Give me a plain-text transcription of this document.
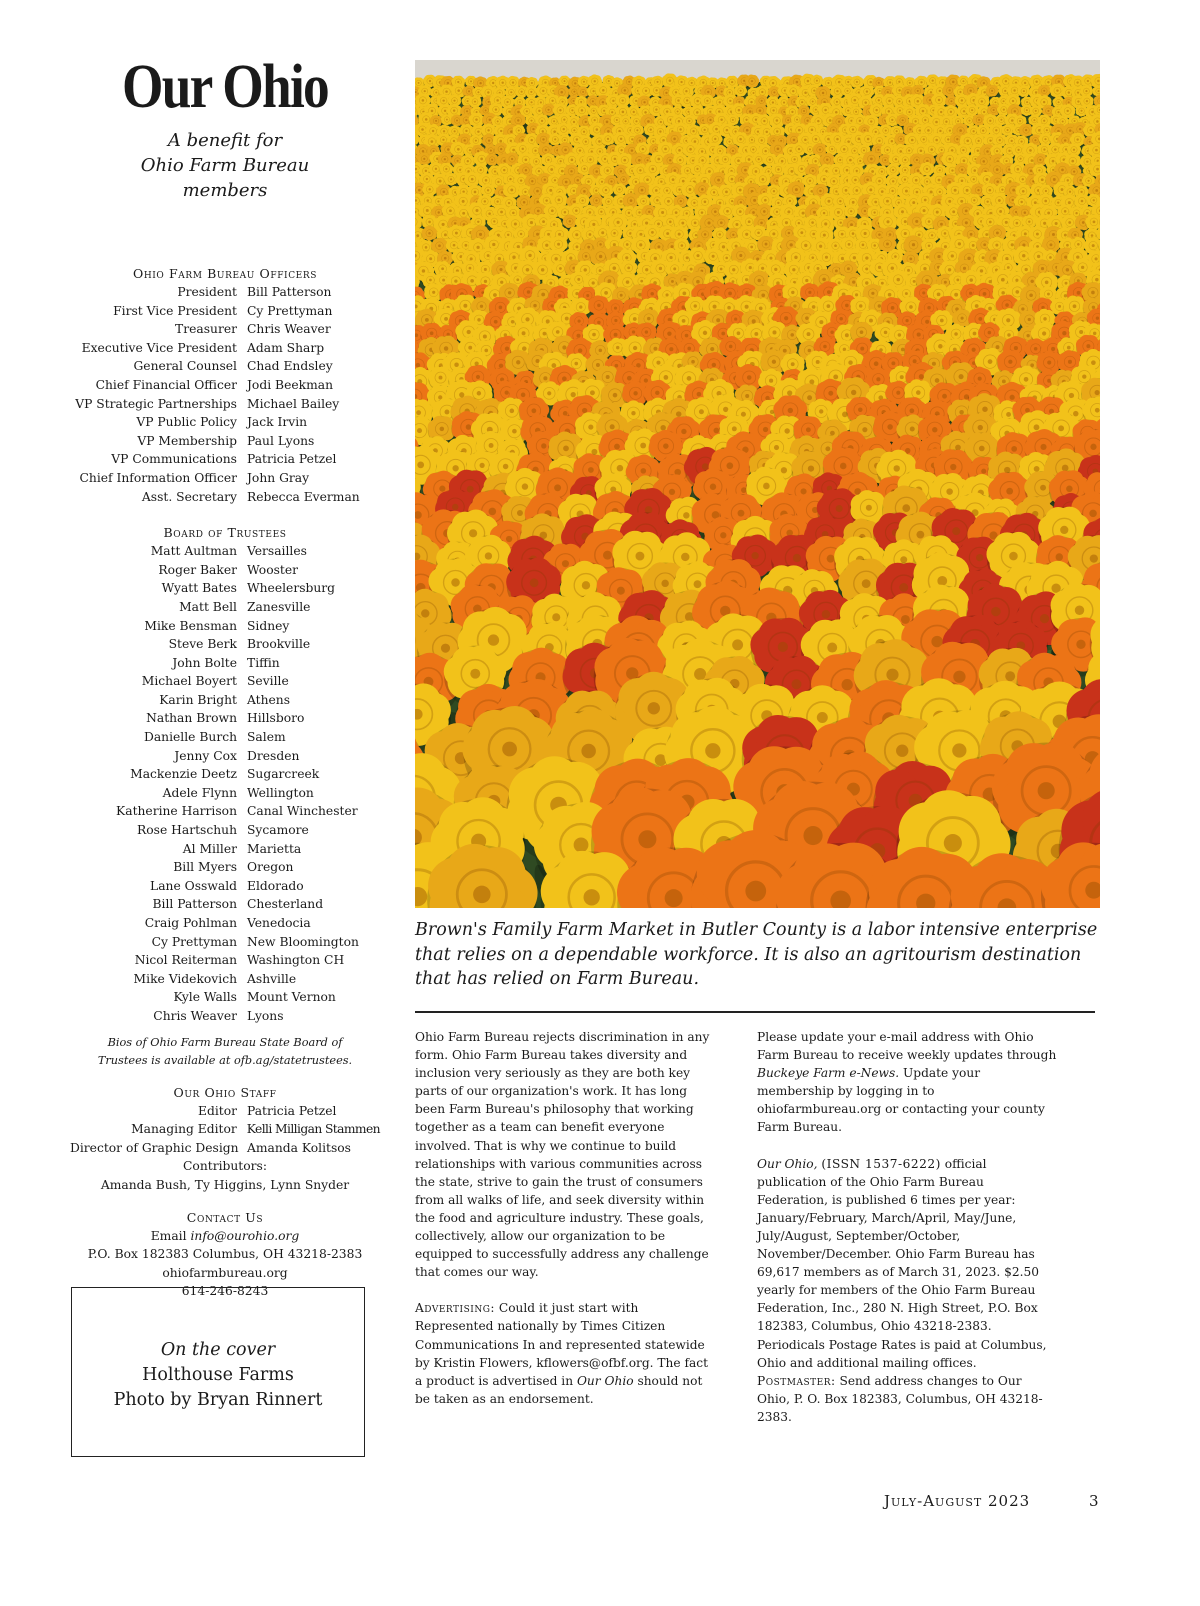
Our Ohio
A benefit for
Ohio Farm Bureau
members
Ohio Farm Bureau Officers
President Bill Patterson
First Vice President Cy Prettyman
Treasurer Chris Weaver
Executive Vice President Adam Sharp
General Counsel Chad Endsley
Chief Financial Officer Jodi Beekman
VP Strategic Partnerships Michael Bailey
VP Public Policy Jack Irvin
VP Membership Paul Lyons
VP Communications Patricia Petzel
Chief Information Officer John Gray
Asst. Secretary Rebecca Everman
Board of Trustees
Matt Aultman Versailles
Roger Baker Wooster
Wyatt Bates Wheelersburg
Matt Bell Zanesville
Mike Bensman Sidney
Steve Berk Brookville
John Bolte Tiffin
Michael Boyert Seville
Karin Bright Athens
Nathan Brown Hillsboro
Danielle Burch Salem
Jenny Cox Dresden
Mackenzie Deetz Sugarcreek
Adele Flynn Wellington
Katherine Harrison Canal Winchester
Rose Hartschuh Sycamore
Al Miller Marietta
Bill Myers Oregon
Lane Osswald Eldorado
Bill Patterson Chesterland
Craig Pohlman Venedocia
Cy Prettyman New Bloomington
Nicol Reiterman Washington CH
Mike Videkovich Ashville
Kyle Walls Mount Vernon
Chris Weaver Lyons
Bios of Ohio Farm Bureau State Board of
Trustees is available at ofb.ag/statetrustees.
Our Ohio Staff
Editor Patricia Petzel
Managing Editor Kelli Milligan Stammen
Director of Graphic Design Amanda Kolitsos
Contributors:
Amanda Bush, Ty Higgins, Lynn Snyder
Contact Us
Email info@ourohio.org
P.O. Box 182383 Columbus, OH 43218-2383
ohiofarmbureau.org
614-246-8243
On the cover
Holthouse Farms
Photo by Bryan Rinnert
Brown's Family Farm Market in Butler County is a labor intensive enterprise that relies on a dependable workforce. It is also an agritourism destination that has relied on Farm Bureau.

Ohio Farm Bureau rejects discrimination in any form. Ohio Farm Bureau takes diversity and inclusion very seriously as they are both key parts of our organization's work. It has long been Farm Bureau's philosophy that working together as a team can benefit everyone involved. That is why we continue to build relationships with various communities across the state, strive to gain the trust of consumers from all walks of life, and seek diversity within the food and agriculture industry. These goals, collectively, allow our organization to be equipped to successfully address any challenge that comes our way.

Advertising: Could it just start with Represented nationally by Times Citizen Communications In and represented statewide by Kristin Flowers, kflowers@ofbf.org. The fact a product is advertised in Our Ohio should not be taken as an endorsement.

Please update your e-mail address with Ohio Farm Bureau to receive weekly updates through Buckeye Farm e-News. Update your membership by logging in to ohiofarmbureau.org or contacting your county Farm Bureau.

Our Ohio, (ISSN 1537-6222) official publication of the Ohio Farm Bureau Federation, is published 6 times per year: January/February, March/April, May/June, July/August, September/October, November/December. Ohio Farm Bureau has 69,617 members as of March 31, 2023. $2.50 yearly for members of the Ohio Farm Bureau Federation, Inc., 280 N. High Street, P.O. Box 182383, Columbus, Ohio 43218-2383. Periodicals Postage Rates is paid at Columbus, Ohio and additional mailing offices. Postmaster: Send address changes to Our Ohio, P. O. Box 182383, Columbus, OH 43218-2383.

July-August 2023	3
